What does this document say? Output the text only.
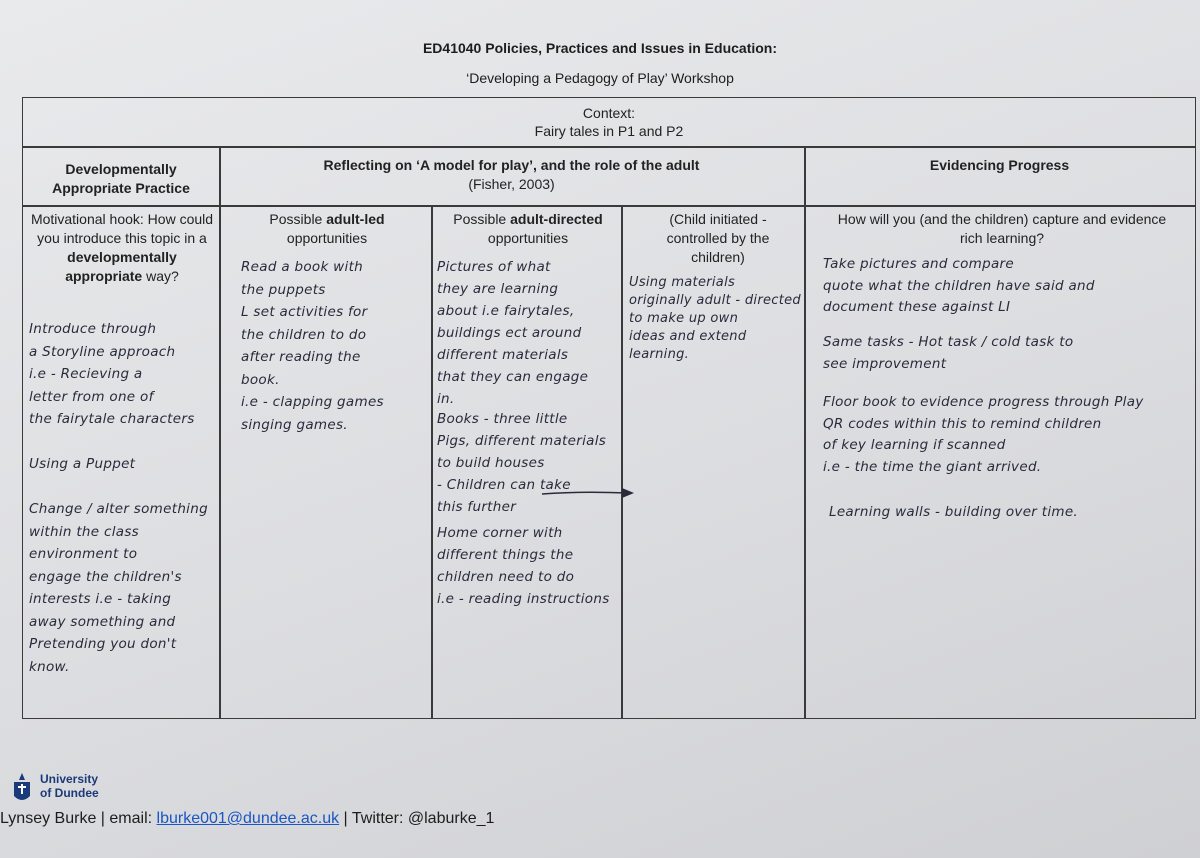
ED41040 Policies, Practices and Issues in Education:
‘Developing a Pedagogy of Play’ Workshop
Context:
Fairy tales in P1 and P2
Developmentally
Appropriate Practice
Reflecting on ‘A model for play’, and the role of the adult
(Fisher, 2003)
Evidencing Progress
Motivational hook: How could you introduce this topic in a developmentally appropriate way?
Possible adult-led
opportunities
Possible adult-directed
opportunities
(Child initiated - controlled by the children)
How will you (and the children) capture and evidence rich learning?
Introduce through
a Storyline approach
i.e - Recieving a
letter from one of
the fairytale characters

Using a Puppet

Change / alter something
within the class
environment to
engage the children's
interests i.e - taking
away something and
Pretending you don't
know.
Read a book with
the puppets
L set activities for
the children to do
after reading the
book.
i.e - clapping games
singing games.
Pictures of what
they are learning
about i.e fairytales,
buildings ect around
different materials
that they can engage
in.
Books - three little
Pigs, different materials
to build houses
- Children can take
this further
Home corner with
different things the
children need to do
i.e - reading instructions
Using materials
originally adult - directed
to make up own
ideas and extend
learning.
Take pictures and compare
quote what the children have said and
document these against LI
Same tasks - Hot task / cold task to
see improvement
Floor book to evidence progress through Play
QR codes within this to remind children
of key learning if scanned
i.e - the time the giant arrived.
Learning walls - building over time.
University
of Dundee
Lynsey Burke | email: lburke001@dundee.ac.uk | Twitter: @laburke_1
